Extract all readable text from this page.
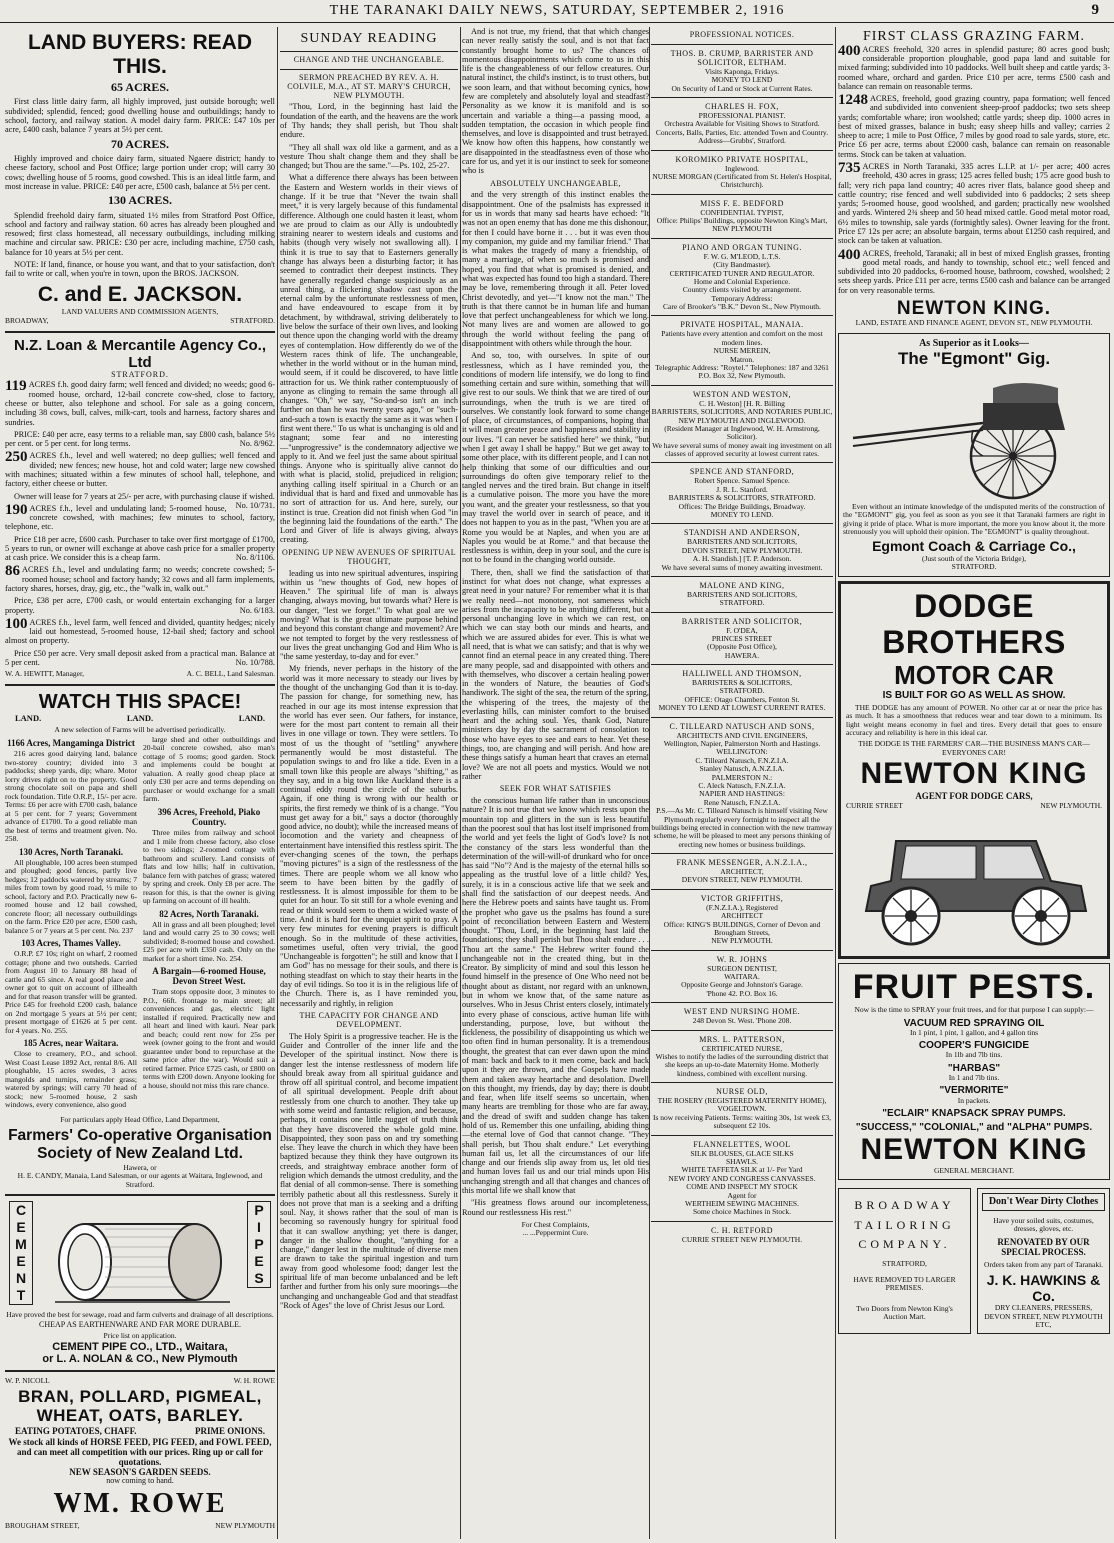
THE TARANAKI DAILY NEWS, SATURDAY, SEPTEMBER 2, 1916	9
LAND BUYERS: READ THIS.
65 ACRES.

First class little dairy farm, all highly improved, just outside borough; well subdivided; splendid, fenced; good dwelling house and outbuildings; handy to school, factory, and railway station. A model dairy farm. PRICE: £47 10s per acre, £400 cash, balance 7 years at 5½ per cent.

70 ACRES.

Highly improved and choice dairy farm, situated Ngaere district; handy to cheese factory, school and Post Office; large portion under crop; will carry 30 cows; dwelling house of 5 rooms, good cowshed. This is an ideal little farm, and most increase in value. PRICE: £40 per acre, £500 cash, balance at 5½ per cent.

130 ACRES.

Splendid freehold dairy farm, situated 1½ miles from Stratford Post Office, school and factory and railway station. 60 acres has already been ploughed and resowed; first class homestead, all necessary outbuildings, including milking machine and circular saw. PRICE: £30 per acre, including machine, £750 cash, balance for 10 years at 5½ per cent.

NOTE: If land, finance, or house you want, and that to your satisfaction, don't fail to write or call, when you're in town, upon the BROS. JACKSON.

C. and E. JACKSON.
LAND VALUERS AND COMMISSION AGENTS,
BROADWAY,	STRATFORD.
N.Z. Loan & Mercantile Agency Co., Ltd
STRATFORD.

119 ACRES f.h. good dairy farm; well fenced and divided; no weeds; good 6-roomed house, orchard, 12-bail concrete cow-shed, close to factory, cheese or butter, also telephone and school. For sale as a going concern, including 38 cows, bull, calves, milk-cart, tools and harness, factory shares and sundries.

PRICE: £40 per acre, easy terms to a reliable man, say £800 cash, balance 5½ per cent. or 5 per cent. for long terms.	No. 8/962.

250 ACRES f.h., level and well watered; no deep gullies; well fenced and divided; new fences; new house, hot and cold water; large new cowshed with machines; situated within a few minutes of school hall, telephone, and factory, either cheese or butter.

Owner will lease for 7 years at 25/- per acre, with purchasing clause if wished.
No. 10/731.

190 ACRES f.h., level and undulating land; 5-roomed house, concrete cowshed, with machines; few minutes to school, factory, telephone, etc.

Price £18 per acre, £600 cash. Purchaser to take over first mortgage of £1700, 5 years to run, or owner will exchange at above cash price for a smaller property at cash price. We consider this is a cheap farm.	No. 8/1106.

86 ACRES f.h., level and undulating farm; no weeds; concrete cowshed; 5-roomed house; school and factory handy; 32 cows and all farm implements, factory shares, horses, dray, gig, etc., the "walk in, walk out."

Price, £38 per acre, £700 cash, or would entertain exchanging for a larger property.	No. 6/183.

100 ACRES f.h., level farm, well fenced and divided, quantity hedges; nicely laid out homestead, 5-roomed house, 12-bail shed; factory and school almost on property.

Price £50 per acre. Very small deposit asked from a practical man. Balance at 5 per cent.	No. 10/788.

W. A. HEWITT, Manager,	A. C. BELL, Land Salesman.
WATCH THIS SPACE!
LAND.	LAND.	LAND.
A new selection of Farms will be advertised periodically.
1166 Acres, Mangaminga District

216 acres good dairying land, balance two-storey country; divided into 3 paddocks; sheep yards, dip; whare. Motor lorry drives right on to the property. Good strong chocolate soil on papa and shell rock foundation. Title O.R.P., 15/- per acre. Terms: £6 per acre with £700 cash, balance at 5 per cent. for 7 years; Government advance of £1700. To a good reliable man the best of terms and treatment given. No. 258.

130 Acres, North Taranaki.

All ploughable, 100 acres been stumped and ploughed; good fences, partly live hedges; 12 paddocks watered by streams; 7 miles from town by good road, ½ mile to school, factory and P.O. Practically new 6-roomed house and 12 bail cowshed, concrete floor; all necessary outbuildings on the farm. Price £20 per acre, £500 cash, balance 5 or 7 years at 5 per cent. No. 237

103 Acres, Thames Valley.

O.R.P. £7 10s; right on wharf, 2 roomed cottage; phone and two outsheds. Carried from August 10 to January 88 head of cattle and 65 since. A real good place and owner got to quit on account of illhealth and for that reason transfer will be granted. Price £45 for freehold £200 cash, balance on 2nd mortgage 5 years at 5½ per cent; present mortgage of £1626 at 5 per cent. for 4 years. No. 255.

185 Acres, near Waitara.

Close to creamery, P.O., and school. West Coast Lease 1892 Act, rental 8/6. All ploughable, 15 acres swedes, 3 acres mangolds and turnips, remainder grass; watered by springs; will carry 70 head of stock; new 5-roomed house, 2 sash windows, every convenience, also good

large shed and other outbuildings and 20-bail concrete cowshed, also man's cottage of 5 rooms; good garden. Stock and implements could be bought at valuation. A really good cheap place at only £30 per acre and terms depending on purchaser or would exchange for a small farm.

396 Acres, Freehold, Piako Country.

Three miles from railway and school and 1 mile from cheese factory, also close to two sidings; 2-roomed cottage with bathroom and scullery. Land consists of flats and low hills; half in cultivation, balance fern with patches of grass; watered by spring and creek. Only £8 per acre. The reason for this, is that the owner is giving up farming on account of ill health.

82 Acres, North Taranaki.

All in grass and all been ploughed; level land and would carry 25 to 30 cows; well subdivided; 8-roomed house and cowshed. £25 per acre with £350 cash. Only on the market for a short time. No. 254.

A Bargain—6-roomed House, Devon Street West.

Tram stops opposite door, 3 minutes to P.O., 66ft. frontage to main street; all conveniences and gas, electric light installed if required. Practically new and all heart and lined with kauri. Near park and beach; could rent now for 25s per week (owner going to the front and would guarantee under bond to repurchase at the same price after the war). Would suit a retired farmer. Price £725 cash, or £800 on terms with £200 down. Anyone looking for a house, should not miss this rare chance.

For particulars apply Head Office, Land Department,
Farmers' Co-operative Organisation
Society of New Zealand Ltd.
Hawera, or
H. E. CANDY, Manaia, Land Salesman, or our agents at Waitara, Inglewood, and Stratford.
C
E
M
E
N
T
P
I
P
E
S
Have proved the best for sewage, road and farm culverts and drainage of all descriptions.
CHEAP AS EARTHENWARE AND FAR MORE DURABLE.
Price list on application.
CEMENT PIPE CO., LTD., Waitara,
or L. A. NOLAN & CO., New Plymouth
W. P. NICOLL	W. H. ROWE
BRAN, POLLARD, PIGMEAL,
WHEAT, OATS, BARLEY.
EATING POTATOES, CHAFF.	PRIME ONIONS.
We stock all kinds of HORSE FEED, PIG FEED, and FOWL FEED, and can meet all competition with our prices. Ring up or call for quotations.
NEW SEASON'S GARDEN SEEDS.
now coming to hand.
WM. ROWE
BROUGHAM STREET,	NEW PLYMOUTH
SUNDAY READING
CHANGE AND THE UNCHANGEABLE.
SERMON PREACHED BY REV. A. H. COLVILE, M.A., AT ST. MARY'S CHURCH, NEW PLYMOUTH.

"Thou, Lord, in the beginning hast laid the foundation of the earth, and the heavens are the work of Thy hands; they shall perish, but Thou shalt endure.

"They all shall wax old like a garment, and as a vesture Thou shalt change them and they shall be changed; but Thou are the same."—Ps. 102, 25-27.

What a difference there always has been between the Eastern and Western worlds in their views of change. If it be true that "Never the twain shall meet," it is very largely because of this fundamental difference. Although one could hasten it least, whom we are proud to claim as our Ally is undoubtedly straining nearer to western ideals and customs and habits (though very wisely not swallowing all). I think it is true to say that to Easterners generally change has always been a disturbing factor; it has seemed to contradict their deepest instincts. They have generally regarded change suspiciously as an unreal thing, a flickering shadow cast upon the eternal calm by the unfortunate restlessness of men, and have endeavoured to escape from it by detachment, by withdrawal, striving deliberately to live below the surface of their own lives, and looking out thence upon the changing world with the dreamy eyes of contemplation. How differently do we of the Western races think of life. The unchangeable, whether in the world without or in the human mind, would seem, if it could be discovered, to have little attraction for us. We think rather contemptuously of anyone as clinging to remain the same through all changes. "Oh," we say, "So-and-so isn't an inch further on than he was twenty years ago," or "such-and-such a town is exactly the same as it was when I first went there." To us what is unchanging is old and stagnant; some fear and no interesting—"unprogressive" is the condemnatory adjective we apply to it. And we feel just the same about spiritual things. Anyone who is spiritually alive cannot do with what is placid, stolid, prejudiced in religion; anything calling itself spiritual in a Church or an individual that is hard and fixed and unmovable has no sort of attraction for us. And here, surely, our instinct is true. Creation did not finish when God "in the beginning laid the foundations of the earth." The Lord and Giver of life is always giving, always creating.

OPENING UP NEW AVENUES OF SPIRITUAL THOUGHT,

leading us into new spiritual adventures, inspiring within us "new thoughts of God, new hopes of Heaven." The spiritual life of man is always changing, always moving, but towards what? Here is our danger, "lest we forget." To what goal are we moving? What is the great ultimate purpose behind and beyond this constant change and movement? Are we not tempted to forget by the very restlessness of our lives the great unchanging God and Him Who is "the same yesterday, to-day and for ever."

My friends, never perhaps in the history of the world was it more necessary to steady our lives by the thought of the unchanging God than it is to-day. The passion for change, for something new, has reached in our age its most intense expression that the world has ever seen. Our fathers, for instance, were for the most part content to remain all their lives in one village or town. They were settlers. To most of us the thought of "settling" anywhere permanently would be most distasteful. The population swings to and fro like a tide. Even in a small town like this people are always "shifting," as they say, and in a big town like Auckland there is a continual eddy round the circle of the suburbs. Again, if one thing is wrong with our health or spirits, the first remedy we think of is a change. "You must get away for a bit," says a doctor (thoroughly good advice, no doubt); while the increased means of locomotion and the variety and cheapness of entertainment have intensified this restless spirit. The ever-changing scenes of the town, the perhaps "moving pictures" is a sign of the restlessness of the times. There are people whom we all know who seem to have been bitten by the gadfly of restlessness. It is almost impossible for them to be quiet for an hour. To sit still for a whole evening and read or think would seem to them a wicked waste of time. And it is hard for the unquiet spirit to pray. A very few minutes for evening prayers is difficult enough. So in the multitude of these activities, sometimes useful, often very trivial, the good "Unchangeable is forgotten"; he still and know that I am God" has no message for their souls, and there is nothing steadfast on which to stay their hearts in the day of evil tidings. So too it is in the religious life of the Church. There is, as I have reminded you, necessarily and rightly, in religion

THE CAPACITY FOR CHANGE AND DEVELOPMENT.

The Holy Spirit is a progressive teacher. He is the Guider and Controller of the inner life and the Developer of the spiritual instinct. Now there is danger lest the intense restlessness of modern life should break away from all spiritual guidance and throw off all spiritual control, and become impatient of all spiritual development. People drift about restlessly from one church to another. They take up with some weird and fantastic religion, and because, perhaps, it contains one little nugget of truth think that they have discovered the whole gold mine. Disappointed, they soon pass on and try something else. They leave the church in which they have been baptized because they think they have outgrown its creeds, and straightway embrace another form of religion which demands the utmost credulity, and the flat denial of all common-sense. There is something terribly pathetic about all this restlessness. Surely it does not prove that man is a seeking and a drifting soul. Nay, it shows rather that the soul of man is becoming so ravenously hungry for spiritual food that it can swallow anything; yet there is danger, danger in the shallow thought, "anything for a change," danger lest in the multitude of diverse men are drawn to take the spiritual ingestion and turn away from good wholesome food; danger lest the spiritual life of man become unbalanced and be left farther and further from his only sure moorings—the unchanging and unchangeable God and that steadfast "Rock of Ages" the love of Christ Jesus our Lord.

And is not true, my friend, that that which changes can never really satisfy the soul, and is not that fact constantly brought home to us? The chances of momentous disappointments which come to us in this life is the changeableness of our fellow creatures. Our natural instinct, the child's instinct, is to trust others, but we soon learn, and that without becoming cynics, how few are completely and absolutely loyal and steadfast? Personality as we know it is manifold and is so uncertain and variable a thing—a passing mood, a sudden temptation, the occasion in which people find themselves, and love is disappointed and trust betrayed. We know how often this happens, how constantly we are disappointed in the steadfastness even of those who care for us, and yet it is our instinct to seek for someone who is

ABSOLUTELY UNCHANGEABLE,

and the very strength of this instinct enables the disappointment. One of the psalmists has expressed it for us in words that many sad hearts have echoed: "It was not an open enemy that has done me this dishonour, for then I could have borne it . . . but it was even thou my companion, my guide and my familiar friend." That is what makes the tragedy of many a friendship, of many a marriage, of when so much is promised and hoped, you find that what is promised is denied, and what was expected has found too high a standard. There may be love, remembering through it all. Peter loved Christ devotedly, and yet—"I know not the man." The truth is that there cannot be in human life and human love that perfect unchangeableness for which we long. Not many lives are and women are allowed to go through the world without feeling the pang of disappointment with others while through the hour.

And so, too, with ourselves. In spite of our restlessness, which as I have reminded you, the conditions of modern life intensify, we do long to find something certain and sure within, something that will give rest to our souls. We think that we are tired of our surroundings, when the truth is we are tired of ourselves. We constantly look forward to some change of place, of circumstances, of companions, hoping that it will mean greater peace and happiness and stability in our lives. "I can never be satisfied here" we think, "but when I get away I shall be happy." But we get away to some other place, with its different people, and I can not help thinking that some of our difficulties and our surroundings do often give temporary relief to the tangled nerves and the tired brain. But change in itself is a cumulative poison. The more you have the more you want, and the greater your restlessness, so that you may travel the world over in search of peace, and it does not happen to you as in the past, "When you are at Rome you would be at Naples, and when you are at Naples you would be at Rome." and that because the restlessness is within, deep in your soul, and the cure is not to be found in the changing world outside.

There, then, shall we find the satisfaction of that instinct for what does not change, what expresses a great need in your nature? For remember what it is that we really need—not monotony, not sameness which arises from the incapacity to be anything different, but a personal unchanging love in which we can rest, on which we can stay both our minds and hearts, and which we are assured abides for ever. This is what we all need, that is what we can satisfy; and that is why we cannot find an eternal peace in any created thing. There are many people, sad and disappointed with others and with themselves, who discover a certain healing power in the wonders of Nature, the beauties of God's handiwork. The sight of the sea, the return of the spring, the whispering of the trees, the majesty of the everlasting hills, can minister comfort to the bruised heart and the aching soul. Yes, thank God, Nature ministers day by day the sacrament of consolation to those who have eyes to see and ears to hear. Yet these things, too, are changing and will perish. And how are these things satisfy a human heart that craves an eternal love? We are not all poets and mystics. Would we not rather

SEEK FOR WHAT SATISFIES

the conscious human life rather than in unconscious nature? It is not true that we know which rests upon the mountain top and glitters in the sun is less beautiful than the poorest soul that has lost itself imprisoned from the world and yet feels the light of God's love? Is not the constancy of the stars less wonderful than the determination of the will-will-of drunkard who for once has said "No"? And is the majesty of the eternal hills so appealing as the trustful love of a little child? Yes, surely, it is in a conscious active life that we seek and shall find the satisfaction of our deepest needs. And here the Hebrew poets and saints have taught us. From the prophet who gave us the psalms has found a sure point of reconciliation between Eastern and Western thought. "Thou, Lord, in the beginning hast laid the foundations; they shall perish but Thou shalt endure . . . Thou art the same." The Hebrew writer found the unchangeable not in the created thing, but in the Creator. By simplicity of mind and soul this lesson he found himself in the presence of One Who need not be thought about as distant, nor regard with an unknown, but in whom we know that, of the same nature as ourselves. Who in Jesus Christ enters closely, intimately into every phase of conscious, active human life with understanding, purpose, love, but without the fickleness, the possibility of disappointing us which we too often find in human personality. It is a tremendous thought, the greatest that can ever dawn upon the mind of man: back and back to it men come, back and back upon it they are thrown, and the Gospels have made them and taken away heartache and desolation. Dwell on this thought, my friends, day by day; there is doubt and fear, when life itself seems so uncertain, when many hearts are trembling for those who are far away, and the dread of swift and sudden change has taken hold of us. Remember this one unfailing, abiding thing—the eternal love of God that cannot change. "They shall perish, but Thou shalt endure." Let everything human fail us, let all the circumstances of our life change and our friends slip away from us, let old ties and human loves fail us and our trial minds upon His unchanging strength and all that changes and chances of this mortal life we shall know that

"His greatness flows around our incompleteness, Round our restlessness His rest."

For Chest Complaints,
... ...Peppermint Cure.
PROFESSIONAL NOTICES.
THOS. B. CRUMP, BARRISTER AND SOLICITOR, ELTHAM.
Visits Kaponga, Fridays.
MONEY TO LEND
On Security of Land or Stock at Current Rates.
CHARLES H. FOX,
PROFESSIONAL PIANIST.
Orchestra Available for Visiting Shows to Stratford.
Concerts, Balls, Parties, Etc. attended Town and Country.
Address—Grubbs', Stratford.
KOROMIKO PRIVATE HOSPITAL,
Inglewood.
NURSE MORGAN (Certificated from St. Helen's Hospital, Christchurch).
MISS F. E. BEDFORD
CONFIDENTIAL TYPIST,
Office: Philips' Buildings, opposite Newton King's Mart,
NEW PLYMOUTH
PIANO AND ORGAN TUNING.
F. W. G. M'LEOD, L.T.S.
(City Bandmaster).
CERTIFICATED TUNER AND REGULATOR.
Home and Colonial Experience.
Country clients visited by arrangement.
Temporary Address:
Care of Brooker's "B.K." Devon St., New Plymouth.
PRIVATE HOSPITAL, MANAIA.
Patients have every attention and comfort on the most modern lines.
NURSE MEREIN,
Matron.
Telegraphic Address: "Roytel." Telephones: 187 and 3261
P.O. Box 32, New Plymouth.
WESTON AND WESTON,
C. H. Weston] [H. R. Billing
BARRISTERS, SOLICITORS, AND NOTARIES PUBLIC,
NEW PLYMOUTH AND INGLEWOOD.
(Resident Manager at Inglewood, W. H. Armstrong, Solicitor).
We have several sums of money await ing investment on all classes of approved security at lowest current rates.
SPENCE AND STANFORD,
Robert Spence. Samuel Spence.
J. R. L. Stanford.
BARRISTERS & SOLICITORS, STRATFORD.
Offices: The Bridge Buildings, Broadway.
MONEY TO LEND.
STANDISH AND ANDERSON,
BARRISTERS AND SOLICITORS,
DEVON STREET, NEW PLYMOUTH.
A. H. Standish.] [T. P. Anderson.
We have several sums of money awaiting investment.
MALONE AND KING,
BARRISTERS AND SOLICITORS,
STRATFORD.
BARRISTER AND SOLICITOR,
F. O'DEA,
PRINCES STREET
(Opposite Post Office),
HAWERA.
HALLIWELL AND THOMSON,
BARRISTERS & SOLICITORS,
STRATFORD.
OFFICE: Otago Chambers, Fenton St.
MONEY TO LEND AT LOWEST CURRENT RATES.
C. TILLEARD NATUSCH AND SONS,
ARCHITECTS AND CIVIL ENGINEERS,
Wellington, Napier, Palmerston North and Hastings.
WELLINGTON:
C. Tilleard Natusch, F.N.Z.I.A.
Stanley Natusch, A.N.Z.I.A.
PALMERSTON N.:
C. Aleck Natusch, F.N.Z.I.A.
NAPIER AND HASTINGS:
Rene Natusch, F.N.Z.I.A.
P.S.—As Mr. C. Tilleard Natusch is himself visiting New Plymouth regularly every fortnight to inspect all the buildings being erected in connection with the new tramway scheme, he will be pleased to meet any persons thinking of erecting new homes or business buildings.
FRANK MESSENGER, A.N.Z.I.A.,
ARCHITECT,
DEVON STREET, NEW PLYMOUTH.
VICTOR GRIFFITHS,
(F.N.Z.I.A.), Registered
ARCHITECT
Office: KING'S BUILDINGS, Corner of Devon and Brougham Streets,
NEW PLYMOUTH.
W. R. JOHNS
SURGEON DENTIST,
WAITARA.
Opposite George and Johnston's Garage.
'Phone 42. P.O. Box 16.
WEST END NURSING HOME.
248 Devon St. West. 'Phone 208.
MRS. L. PATTERSON,
CERTIFICATED NURSE,
Wishes to notify the ladies of the surrounding district that she keeps an up-to-date Maternity Home. Motherly kindness, combined with excellent nursing.
NURSE OLD,
THE ROSERY (REGISTERED MATERNITY HOME), VOGELTOWN.
Is now receiving Patients. Terms: waiting 30s, 1st week £3, subsequent £2 10s.
FLANNELETTES, WOOL
SILK BLOUSES, GLACE SILKS
SHAWLS.
WHITE TAFFETA SILK at 1/- Per Yard
NEW IVORY AND CONGRESS CANVASSES.
COME AND INSPECT MY STOCK
Agent for
WERTHEIM SEWING MACHINES.
Some choice Machines in Stock.
C. H. RETFORD
CURRIE STREET NEW PLYMOUTH.
FIRST CLASS GRAZING FARM.

400 ACRES freehold, 320 acres in splendid pasture; 80 acres good bush; considerable proportion ploughable, good papa land and suitable for mixed farming; subdivided into 10 paddocks. Well built sheep and cattle yards; 3-roomed whare, orchard and garden. Price £10 per acre, terms £500 cash and balance can remain on reasonable terms.

1248 ACRES, freehold, good grazing country, papa formation; well fenced and subdivided into convenient sheep-proof paddocks; two sets sheep yards; comfortable whare; iron woolshed; cattle yards; sheep dip. 1000 acres in best of mixed grasses, balance in bush; easy sheep hills and valley; carries 2 sheep to acre; 1 mile to Post Office, 7 miles by good road to sale yards, store, etc. Price £6 per acre, terms about £2000 cash, balance can remain on reasonable terms. Stock can be taken at valuation.

735 ACRES in North Taranaki, 335 acres L.I.P. at 1/- per acre; 400 acres freehold, 430 acres in grass; 125 acres felled bush; 175 acre good bush to fall; very rich papa land country; 40 acres river flats, balance good sheep and cattle country; rise fenced and well subdivided into 6 paddocks; 2 sets sheep yards; 5-roomed house, good woolshed, and garden; practically new woolshed and yards. Wintered 2¾ sheep and 50 head mixed cattle. Good metal motor road, 6½ miles to township, sale yards (fortnightly sales). Owner leaving for the front. Price £7 12s per acre; an absolute bargain, terms about £1250 cash required, and stock can be taken at valuation.

400 ACRES, freehold, Taranaki; all in best of mixed English grasses, fronting good metal roads, and handy to township, school etc.; well fenced and subdivided into 20 paddocks, 6-roomed house, bathroom, cowshed, woolshed; 2 sets sheep yards. Price £11 per acre, terms £500 cash and balance can be arranged for on very reasonable terms.

NEWTON KING.
LAND, ESTATE AND FINANCE AGENT, DEVON ST., NEW PLYMOUTH.
As Superior as it Looks—
The "Egmont" Gig.

Even without an intimate knowledge of the undisputed merits of the construction of the "EGMONT" gig, you feel as soon as you see it that Taranaki farmers are right in giving it pride of place. What is more important, the more you know about it, the more strenuously you will uphold their opinion. The "EGMONT" is quality throughout.

Egmont Coach & Carriage Co.,
(Just south of the Victoria Bridge),
STRATFORD.
DODGE BROTHERS
MOTOR CAR
IS BUILT FOR GO AS WELL AS SHOW.

THE DODGE has any amount of POWER. No other car at or near the price has as much. It has a smoothness that reduces wear and tear down to a minimum. Its light weight means economy in fuel and tires. Every detail that goes to ensure accuracy and reliability is here in this ideal car.

THE DODGE IS THE FARMERS' CAR—THE BUSINESS MAN'S CAR—EVERYONES CAR!
NEWTON KING
AGENT FOR DODGE CARS,
CURRIE STREET	NEW PLYMOUTH.
FRUIT PESTS.
Now is the time to SPRAY your fruit trees, and for that purpose I can supply:—
VACUUM RED SPRAYING OIL
In 1 pint, 1 pint, 1 gallon, and 4 gallon tins
COOPER'S FUNGICIDE
In 1lb and 7lb tins.
"HARBAS"
In 1 and 7lb tins.
"VERMORITE"
In packets.
"ECLAIR" KNAPSACK SPRAY PUMPS.
"SUCCESS," "COLONIAL," and "ALPHA" PUMPS.
NEWTON KING
GENERAL MERCHANT.
BROADWAY
TAILORING
COMPANY.
STRATFORD,
HAVE REMOVED TO LARGER
PREMISES.
Two Doors from Newton King's
Auction Mart.
Don't Wear Dirty Clothes
Have your soiled suits, costumes, dresses, gloves, etc.
RENOVATED BY OUR SPECIAL PROCESS.
Orders taken from any part of Taranaki.
J. K. HAWKINS & Co.
DRY CLEANERS, PRESSERS,
DEVON STREET, NEW PLYMOUTH
ETC,
